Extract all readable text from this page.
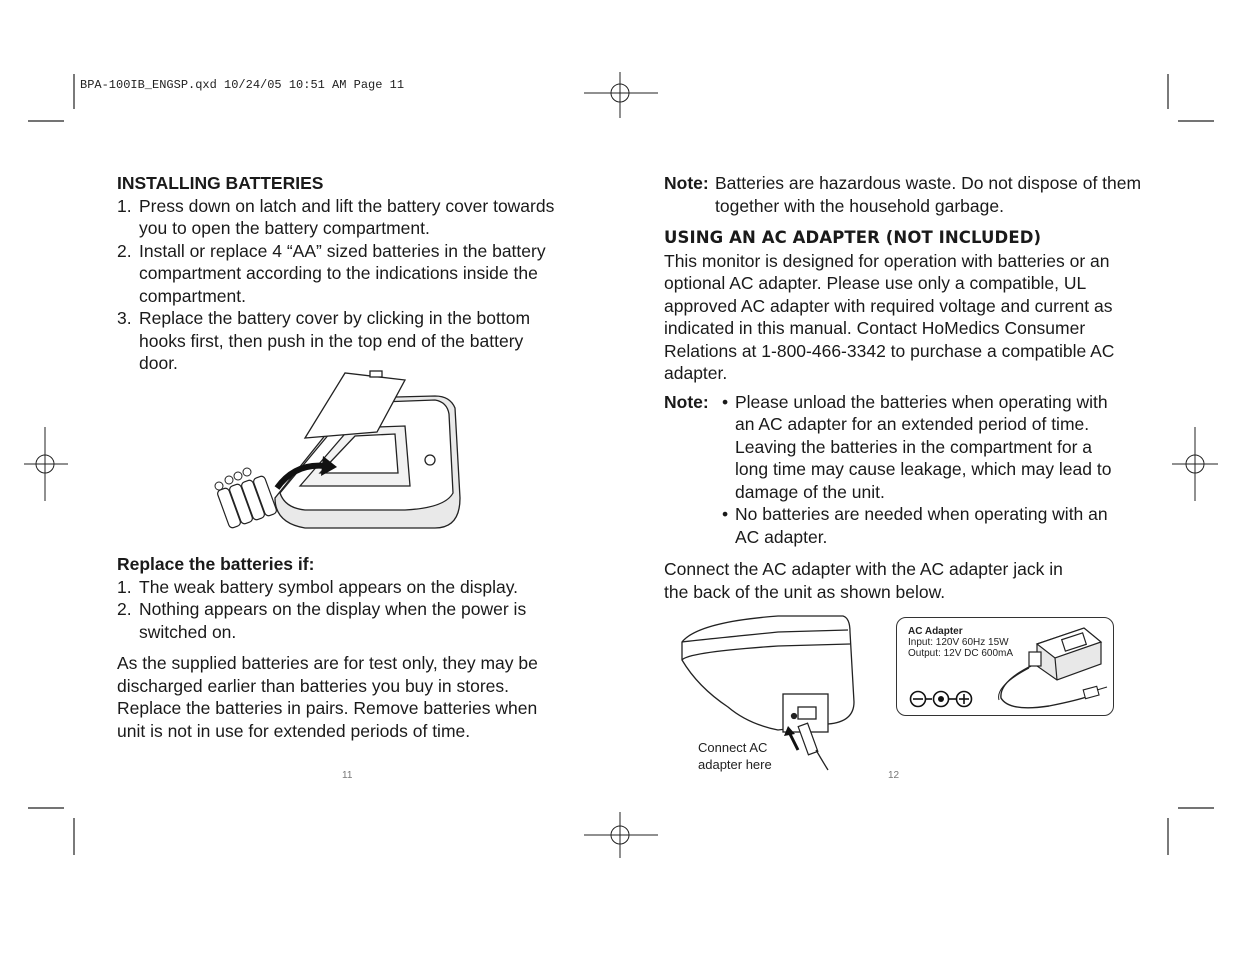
BPA-100IB_ENGSP.qxd 10/24/05 10:51 AM Page 11
INSTALLING BATTERIES
1. Press down on latch and lift the battery cover towards you to open the battery compartment.
2. Install or replace 4 “AA” sized batteries in the battery compartment according to the indications inside the compartment.
3. Replace the battery cover by clicking in the bottom hooks first, then push in the top end of the battery door.
Replace the batteries if:
1. The weak battery symbol appears on the display.
2. Nothing appears on the display when the power is switched on.

As the supplied batteries are for test only, they may be discharged earlier than batteries you buy in stores. Replace the batteries in pairs. Remove batteries when unit is not in use for extended periods of time.

11
Note: Batteries are hazardous waste. Do not dispose of them together with the household garbage.
USING AN AC ADAPTER (NOT INCLUDED)

This monitor is designed for operation with batteries or an optional AC adapter. Please use only a compatible, UL approved AC adapter with required voltage and current as indicated in this manual. Contact HoMedics Consumer Relations at 1-800-466-3342 to purchase a compatible AC adapter.

Note:
•	Please unload the batteries when operating with an AC adapter for an extended period of time. Leaving the batteries in the compartment for a long time may cause leakage, which may lead to damage of the unit.
• No batteries are needed when operating with an AC adapter.

Connect the AC adapter with the AC adapter jack in the back of the unit as shown below.

Connect AC
adapter here
AC Adapter
Input: 120V 60Hz 15W
Output: 12V DC 600mA
12
